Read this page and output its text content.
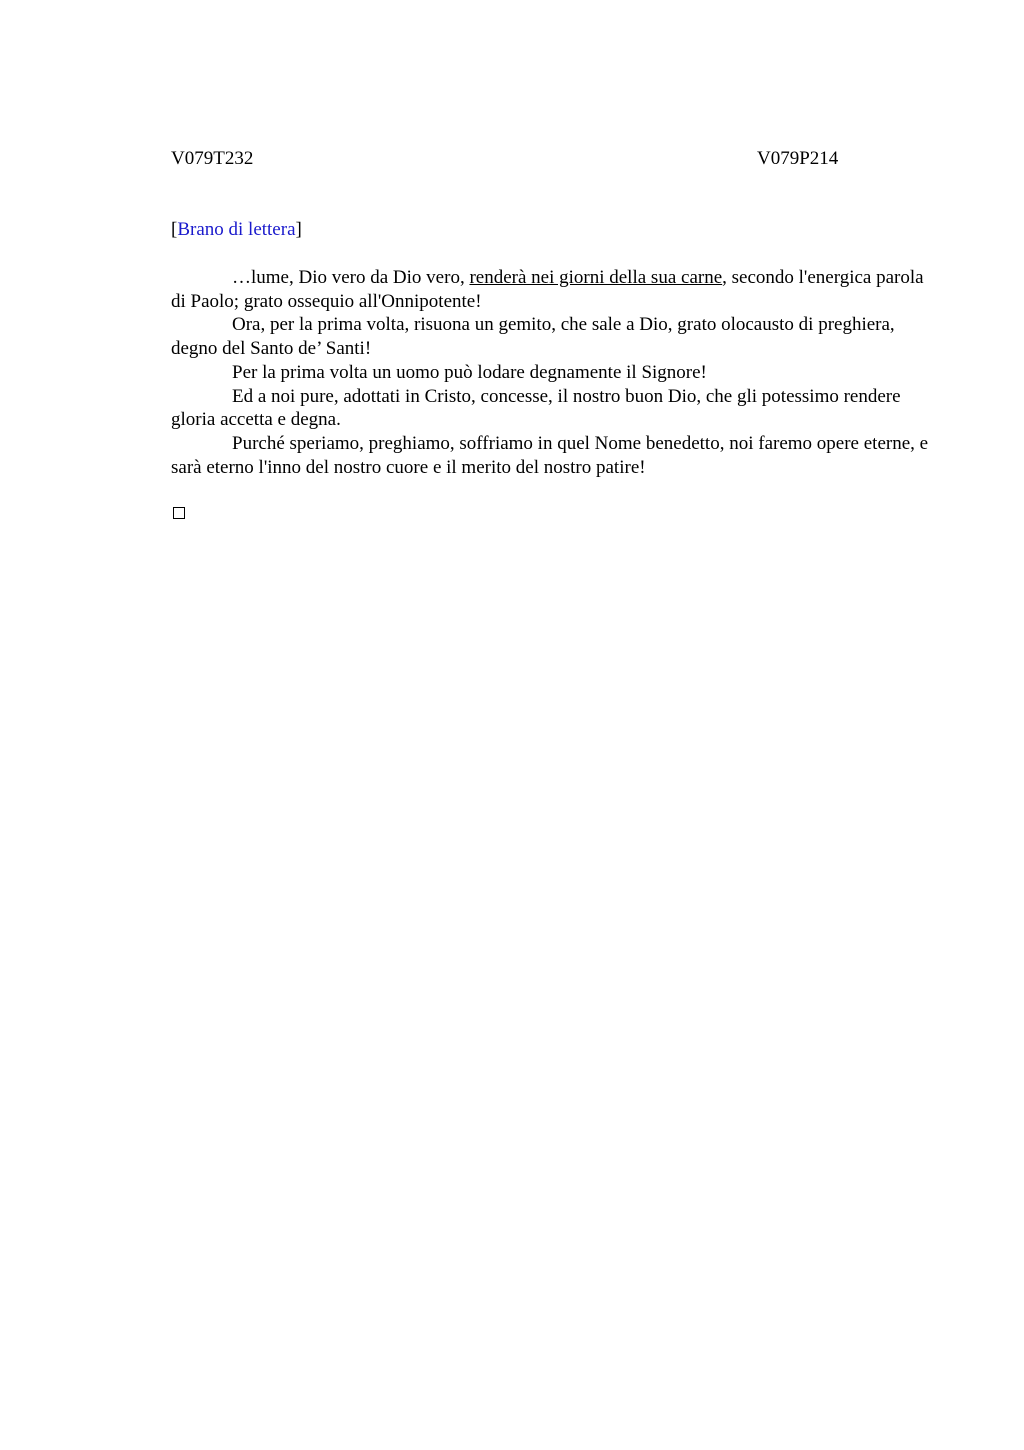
V079T232	V079P214
[Brano di lettera]

…lume, Dio vero da Dio vero, renderà nei giorni della sua carne, secondo l'energica parola di Paolo; grato ossequio all'Onnipotente!

Ora, per la prima volta, risuona un gemito, che sale a Dio, grato olocausto di preghiera, degno del Santo de’ Santi!

Per la prima volta un uomo può lodare degnamente il Signore!

Ed a noi pure, adottati in Cristo, concesse, il nostro buon Dio, che gli potessimo rendere gloria accetta e degna.

Purché speriamo, preghiamo, soffriamo in quel Nome benedetto, noi faremo opere eterne, e sarà eterno l'inno del nostro cuore e il merito del nostro patire!
